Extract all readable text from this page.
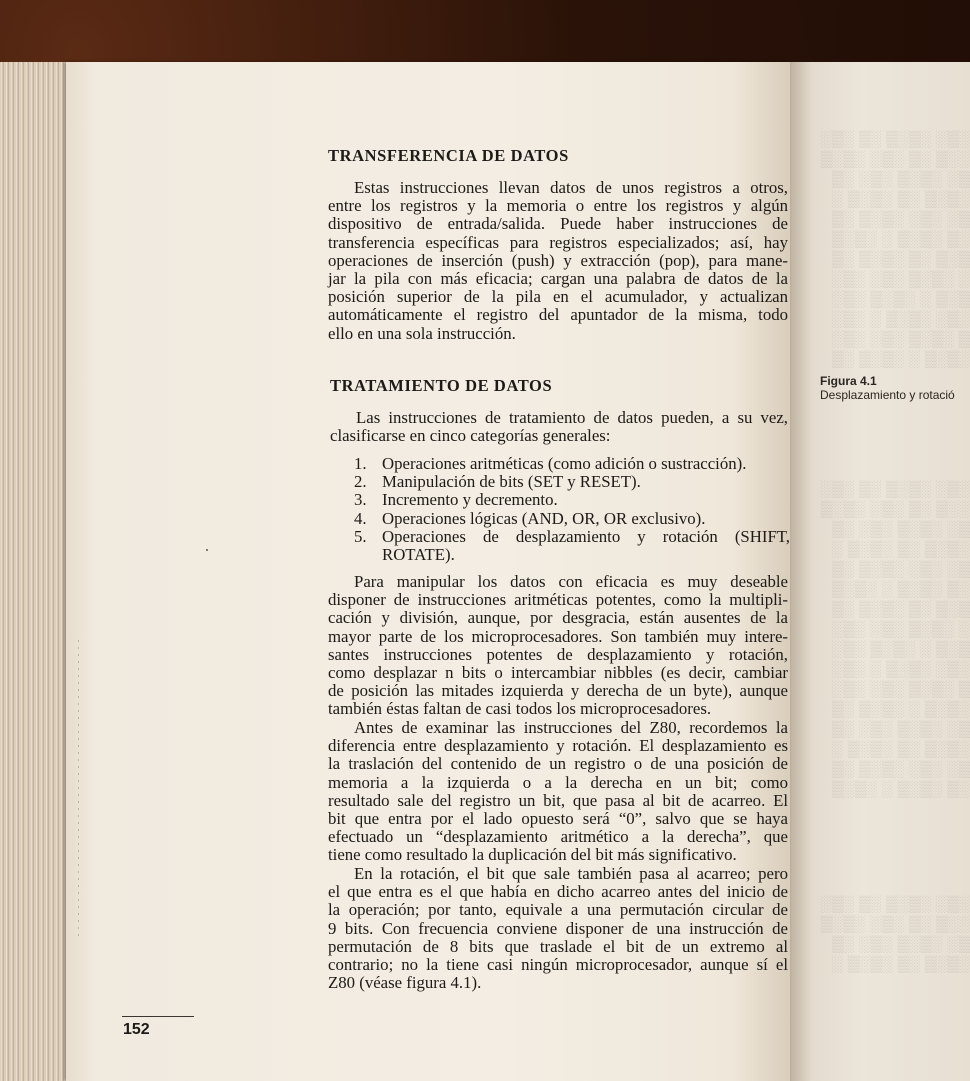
░▒░ ░▒░▒ ░▒ ░▒░
░░▒ ░▒ ░▒░ ░▒░▒
▒░ ░▒░▒ ░▒░ ░▒
░▒░▒ ░▒ ░▒░▒ ░
▒░ ░▒░ ░▒░▒ ░▒
░▒ ░▒░▒ ░ ░▒░▒
▒░▒ ░▒ ░▒░▒ ░▒
░ ░▒░▒ ░▒░ ░▒░
▒░▒ ░ ░▒░▒ ░▒░
░▒░ ░▒░▒ ░ ░▒░
▒ ░▒░▒ ░▒░ ░▒░
░▒░▒ ░ ░▒░▒ ░▒
░▒░ ░▒░▒ ░▒ ░▒░
░░▒ ░▒ ░▒░ ░▒░▒
▒░ ░▒░▒ ░▒░ ░▒
░▒░▒ ░▒ ░▒░▒ ░
▒░ ░▒░ ░▒░▒ ░▒
░▒ ░▒░▒ ░ ░▒░▒
▒░▒ ░▒ ░▒░▒ ░▒
░ ░▒░▒ ░▒░ ░▒░
▒░▒ ░ ░▒░▒ ░▒░
░▒░ ░▒░▒ ░ ░▒░
▒ ░▒░▒ ░▒░ ░▒░
░▒░▒ ░ ░▒░▒ ░▒
▒░ ░▒░▒ ░▒░ ░▒
░▒░▒ ░▒ ░▒░▒ ░
▒░ ░▒░ ░▒░▒ ░▒
░▒ ░▒░▒ ░ ░▒░▒
░▒░ ░▒░▒ ░▒ ░▒░
░░▒ ░▒ ░▒░ ░▒░▒
▒░ ░▒░▒ ░▒░ ░▒
░▒░▒ ░▒ ░▒░▒ ░
Figura 4.1
Desplazamiento y rotació
TRANSFERENCIA DE DATOS
Estas instrucciones llevan datos de unos registros a otros,
entre los registros y la memoria o entre los registros y algún
dispositivo de entrada/salida. Puede haber instrucciones de
transferencia específicas para registros especializados; así, hay
operaciones de inserción (push) y extracción (pop), para mane-
jar la pila con más eficacia; cargan una palabra de datos de la
posición superior de la pila en el acumulador, y actualizan
automáticamente el registro del apuntador de la misma, todo
ello en una sola instrucción.
TRATAMIENTO DE DATOS
Las instrucciones de tratamiento de datos pueden, a su vez,
clasificarse en cinco categorías generales:
1. Operaciones aritméticas (como adición o sustracción).
2. Manipulación de bits (SET y RESET).
3. Incremento y decremento.
4. Operaciones lógicas (AND, OR, OR exclusivo).
5. Operaciones de desplazamiento y rotación (SHIFT,
ROTATE).
Para manipular los datos con eficacia es muy deseable
disponer de instrucciones aritméticas potentes, como la multipli-
cación y división, aunque, por desgracia, están ausentes de la
mayor parte de los microprocesadores. Son también muy intere-
santes instrucciones potentes de desplazamiento y rotación,
como desplazar n bits o intercambiar nibbles (es decir, cambiar
de posición las mitades izquierda y derecha de un byte), aunque
también éstas faltan de casi todos los microprocesadores.
Antes de examinar las instrucciones del Z80, recordemos la
diferencia entre desplazamiento y rotación. El desplazamiento es
la traslación del contenido de un registro o de una posición de
memoria a la izquierda o a la derecha en un bit; como
resultado sale del registro un bit, que pasa al bit de acarreo. El
bit que entra por el lado opuesto será “0”, salvo que se haya
efectuado un “desplazamiento aritmético a la derecha”, que
tiene como resultado la duplicación del bit más significativo.
En la rotación, el bit que sale también pasa al acarreo; pero
el que entra es el que había en dicho acarreo antes del inicio de
la operación; por tanto, equivale a una permutación circular de
9 bits. Con frecuencia conviene disponer de una instrucción de
permutación de 8 bits que traslade el bit de un extremo al
contrario; no la tiene casi ningún microprocesador, aunque sí el
Z80 (véase figura 4.1).
152
